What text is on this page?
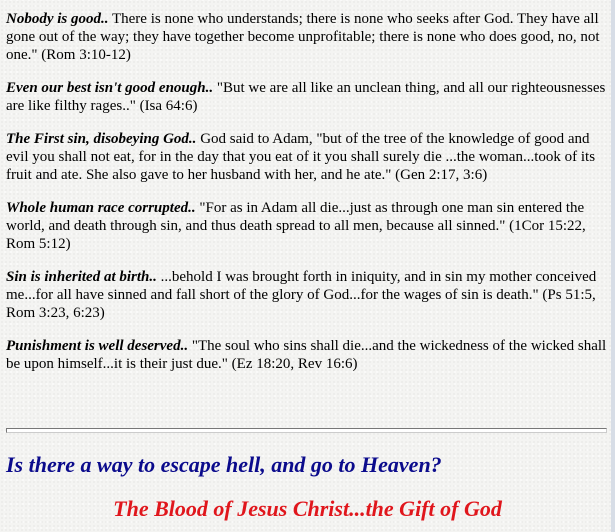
Nobody is good.. There is none who understands; there is none who seeks after God. They have all gone out of the way; they have together become unprofitable; there is none who does good, no, not one." (Rom 3:10-12)

Even our best isn't good enough.. "But we are all like an unclean thing, and all our righteousnesses are like filthy rages.." (Isa 64:6)

The First sin, disobeying God.. God said to Adam, "but of the tree of the knowledge of good and evil you shall not eat, for in the day that you eat of it you shall surely die ...the woman...took of its fruit and ate. She also gave to her husband with her, and he ate." (Gen 2:17, 3:6)

Whole human race corrupted.. "For as in Adam all die...just as through one man sin entered the world, and death through sin, and thus death spread to all men, because all sinned." (1Cor 15:22, Rom 5:12)

Sin is inherited at birth.. ...behold I was brought forth in iniquity, and in sin my mother conceived me...for all have sinned and fall short of the glory of God...for the wages of sin is death." (Ps 51:5, Rom 3:23, 6:23)

Punishment is well deserved.. "The soul who sins shall die...and the wickedness of the wicked shall be upon himself...it is their just due." (Ez 18:20, Rev 16:6)

Is there a way to escape hell, and go to Heaven?
The Blood of Jesus Christ...the Gift of God
